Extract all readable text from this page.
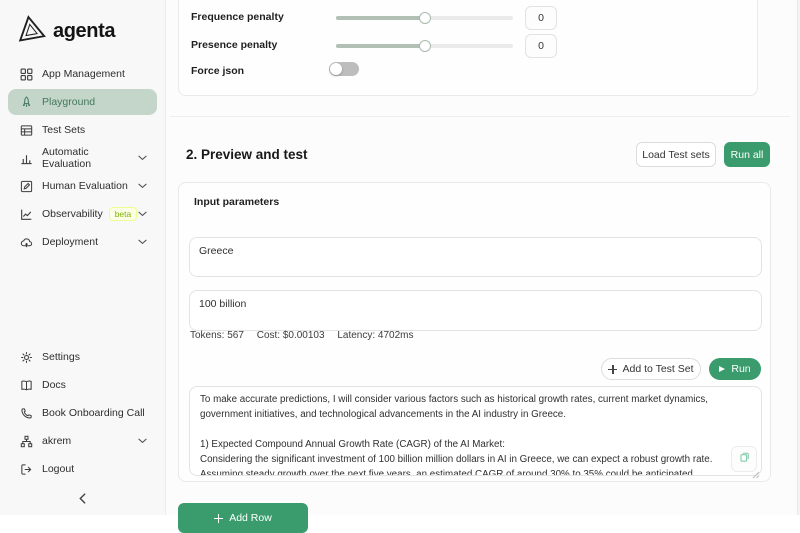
agenta
App Management
Playground
Test Sets
Automatic Evaluation
Human Evaluation
Observability	beta
Deployment
Settings
Docs
Book Onboarding Call
akrem
Logout
Frequence penalty	0
Presence penalty	0
Force json
2. Preview and test	Load Test sets	Run all
Input parameters
Greece
100 billion
Tokens: 567 Cost: $0.00103 Latency: 4702ms
Add to Test Set	Run
To make accurate predictions, I will consider various factors such as historical growth rates, current market dynamics, government initiatives, and technological advancements in the AI industry in Greece. 1) Expected Compound Annual Growth Rate (CAGR) of the AI Market: Considering the significant investment of 100 billion million dollars in AI in Greece, we can expect a robust growth rate. Assuming steady growth over the next five years, an estimated CAGR of around 30% to 35% could be anticipated.
Add Row
